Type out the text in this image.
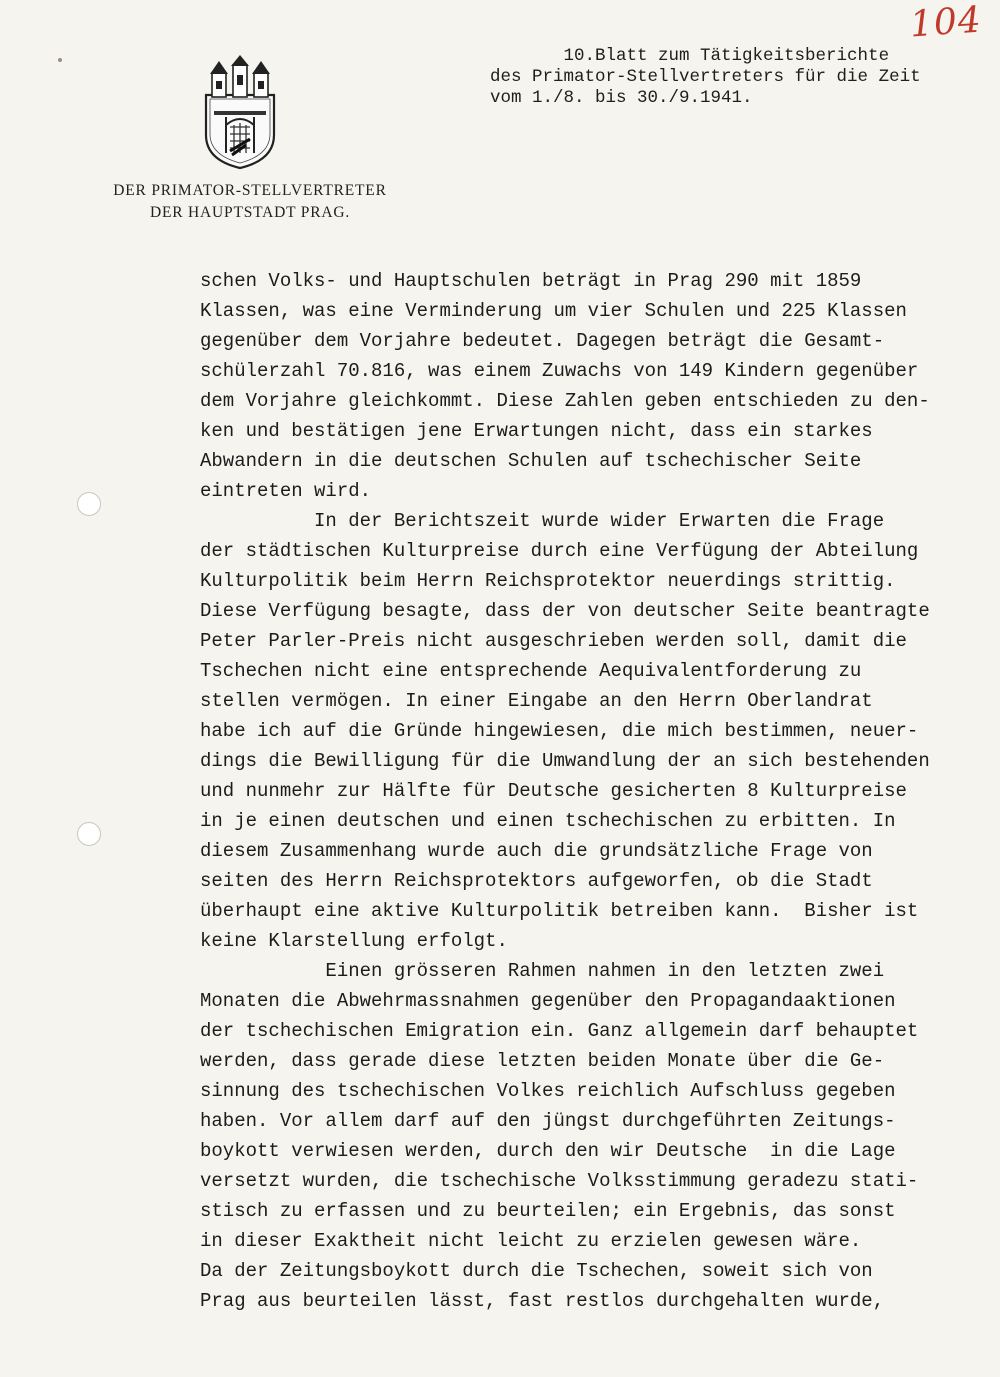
104
DER PRIMATOR-STELLVERTRETER
DER HAUPTSTADT PRAG.
10.Blatt zum Tätigkeitsberichte
des Primator-Stellvertreters für die Zeit
vom 1./8. bis 30./9.1941.
schen Volks- und Hauptschulen beträgt in Prag 290 mit 1859
Klassen, was eine Verminderung um vier Schulen und 225 Klassen
gegenüber dem Vorjahre bedeutet. Dagegen beträgt die Gesamt-
schülerzahl 70.816, was einem Zuwachs von 149 Kindern gegenüber
dem Vorjahre gleichkommt. Diese Zahlen geben entschieden zu den-
ken und bestätigen jene Erwartungen nicht, dass ein starkes
Abwandern in die deutschen Schulen auf tschechischer Seite
eintreten wird.
In der Berichtszeit wurde wider Erwarten die Frage
der städtischen Kulturpreise durch eine Verfügung der Abteilung
Kulturpolitik beim Herrn Reichsprotektor neuerdings strittig.
Diese Verfügung besagte, dass der von deutscher Seite beantragte
Peter Parler-Preis nicht ausgeschrieben werden soll, damit die
Tschechen nicht eine entsprechende Aequivalentforderung zu
stellen vermögen. In einer Eingabe an den Herrn Oberlandrat
habe ich auf die Gründe hingewiesen, die mich bestimmen, neuer-
dings die Bewilligung für die Umwandlung der an sich bestehenden
und nunmehr zur Hälfte für Deutsche gesicherten 8 Kulturpreise
in je einen deutschen und einen tschechischen zu erbitten. In
diesem Zusammenhang wurde auch die grundsätzliche Frage von
seiten des Herrn Reichsprotektors aufgeworfen, ob die Stadt
überhaupt eine aktive Kulturpolitik betreiben kann.  Bisher ist
keine Klarstellung erfolgt.
Einen grösseren Rahmen nahmen in den letzten zwei
Monaten die Abwehrmassnahmen gegenüber den Propagandaaktionen
der tschechischen Emigration ein. Ganz allgemein darf behauptet
werden, dass gerade diese letzten beiden Monate über die Ge-
sinnung des tschechischen Volkes reichlich Aufschluss gegeben
haben. Vor allem darf auf den jüngst durchgeführten Zeitungs-
boykott verwiesen werden, durch den wir Deutsche  in die Lage
versetzt wurden, die tschechische Volksstimmung geradezu stati-
stisch zu erfassen und zu beurteilen; ein Ergebnis, das sonst
in dieser Exaktheit nicht leicht zu erzielen gewesen wäre.
Da der Zeitungsboykott durch die Tschechen, soweit sich von
Prag aus beurteilen lässt, fast restlos durchgehalten wurde,
